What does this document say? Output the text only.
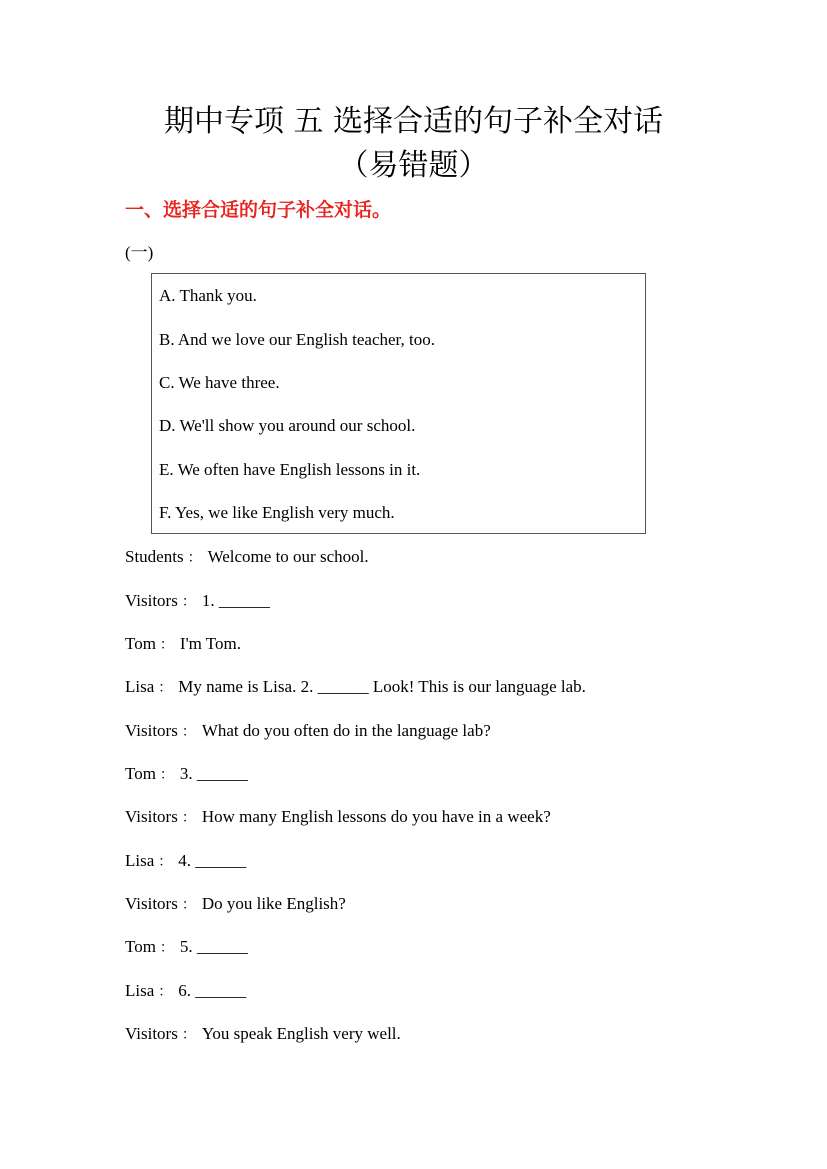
期中专项 五 选择合适的句子补全对话
（易错题）
一、选择合适的句子补全对话。
(一)
A. Thank you.
B. And we love our English teacher, too.
C. We have three.
D. We'll show you around our school.
E. We often have English lessons in it.
F. Yes, we like English very much.
Students ： Welcome to our school.
Visitors ： 1. ______
Tom ： I'm Tom.
Lisa ： My name is Lisa. 2. ______ Look! This is our language lab.
Visitors ： What do you often do in the language lab?
Tom ： 3. ______
Visitors ： How many English lessons do you have in a week?
Lisa ： 4. ______
Visitors ： Do you like English?
Tom ： 5. ______
Lisa ： 6. ______
Visitors ： You speak English very well.
